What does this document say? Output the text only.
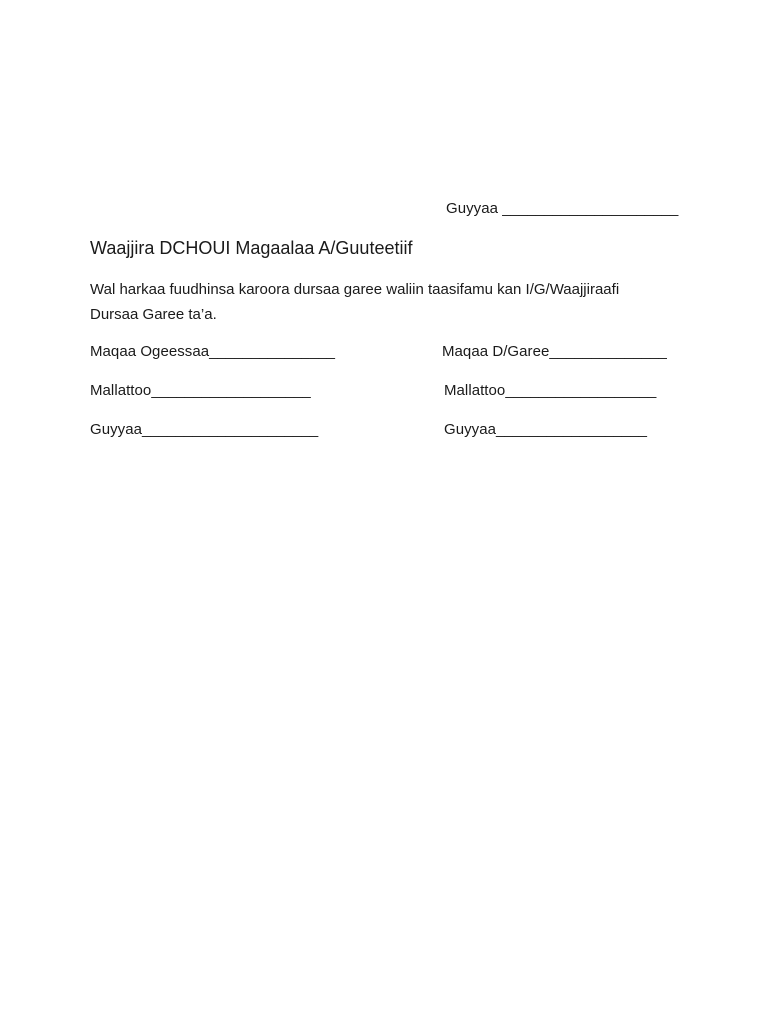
Guyyaa _____________________
Waajjira DCHOUI Magaalaa A/Guuteetiif
Wal harkaa fuudhinsa karoora dursaa garee waliin taasifamu kan I/G/Waajjiraafi
Dursaa Garee ta’a.
Maqaa Ogeessaa_______________	Maqaa D/Garee______________
Mallattoo___________________	Mallattoo__________________
Guyyaa_____________________	Guyyaa__________________
